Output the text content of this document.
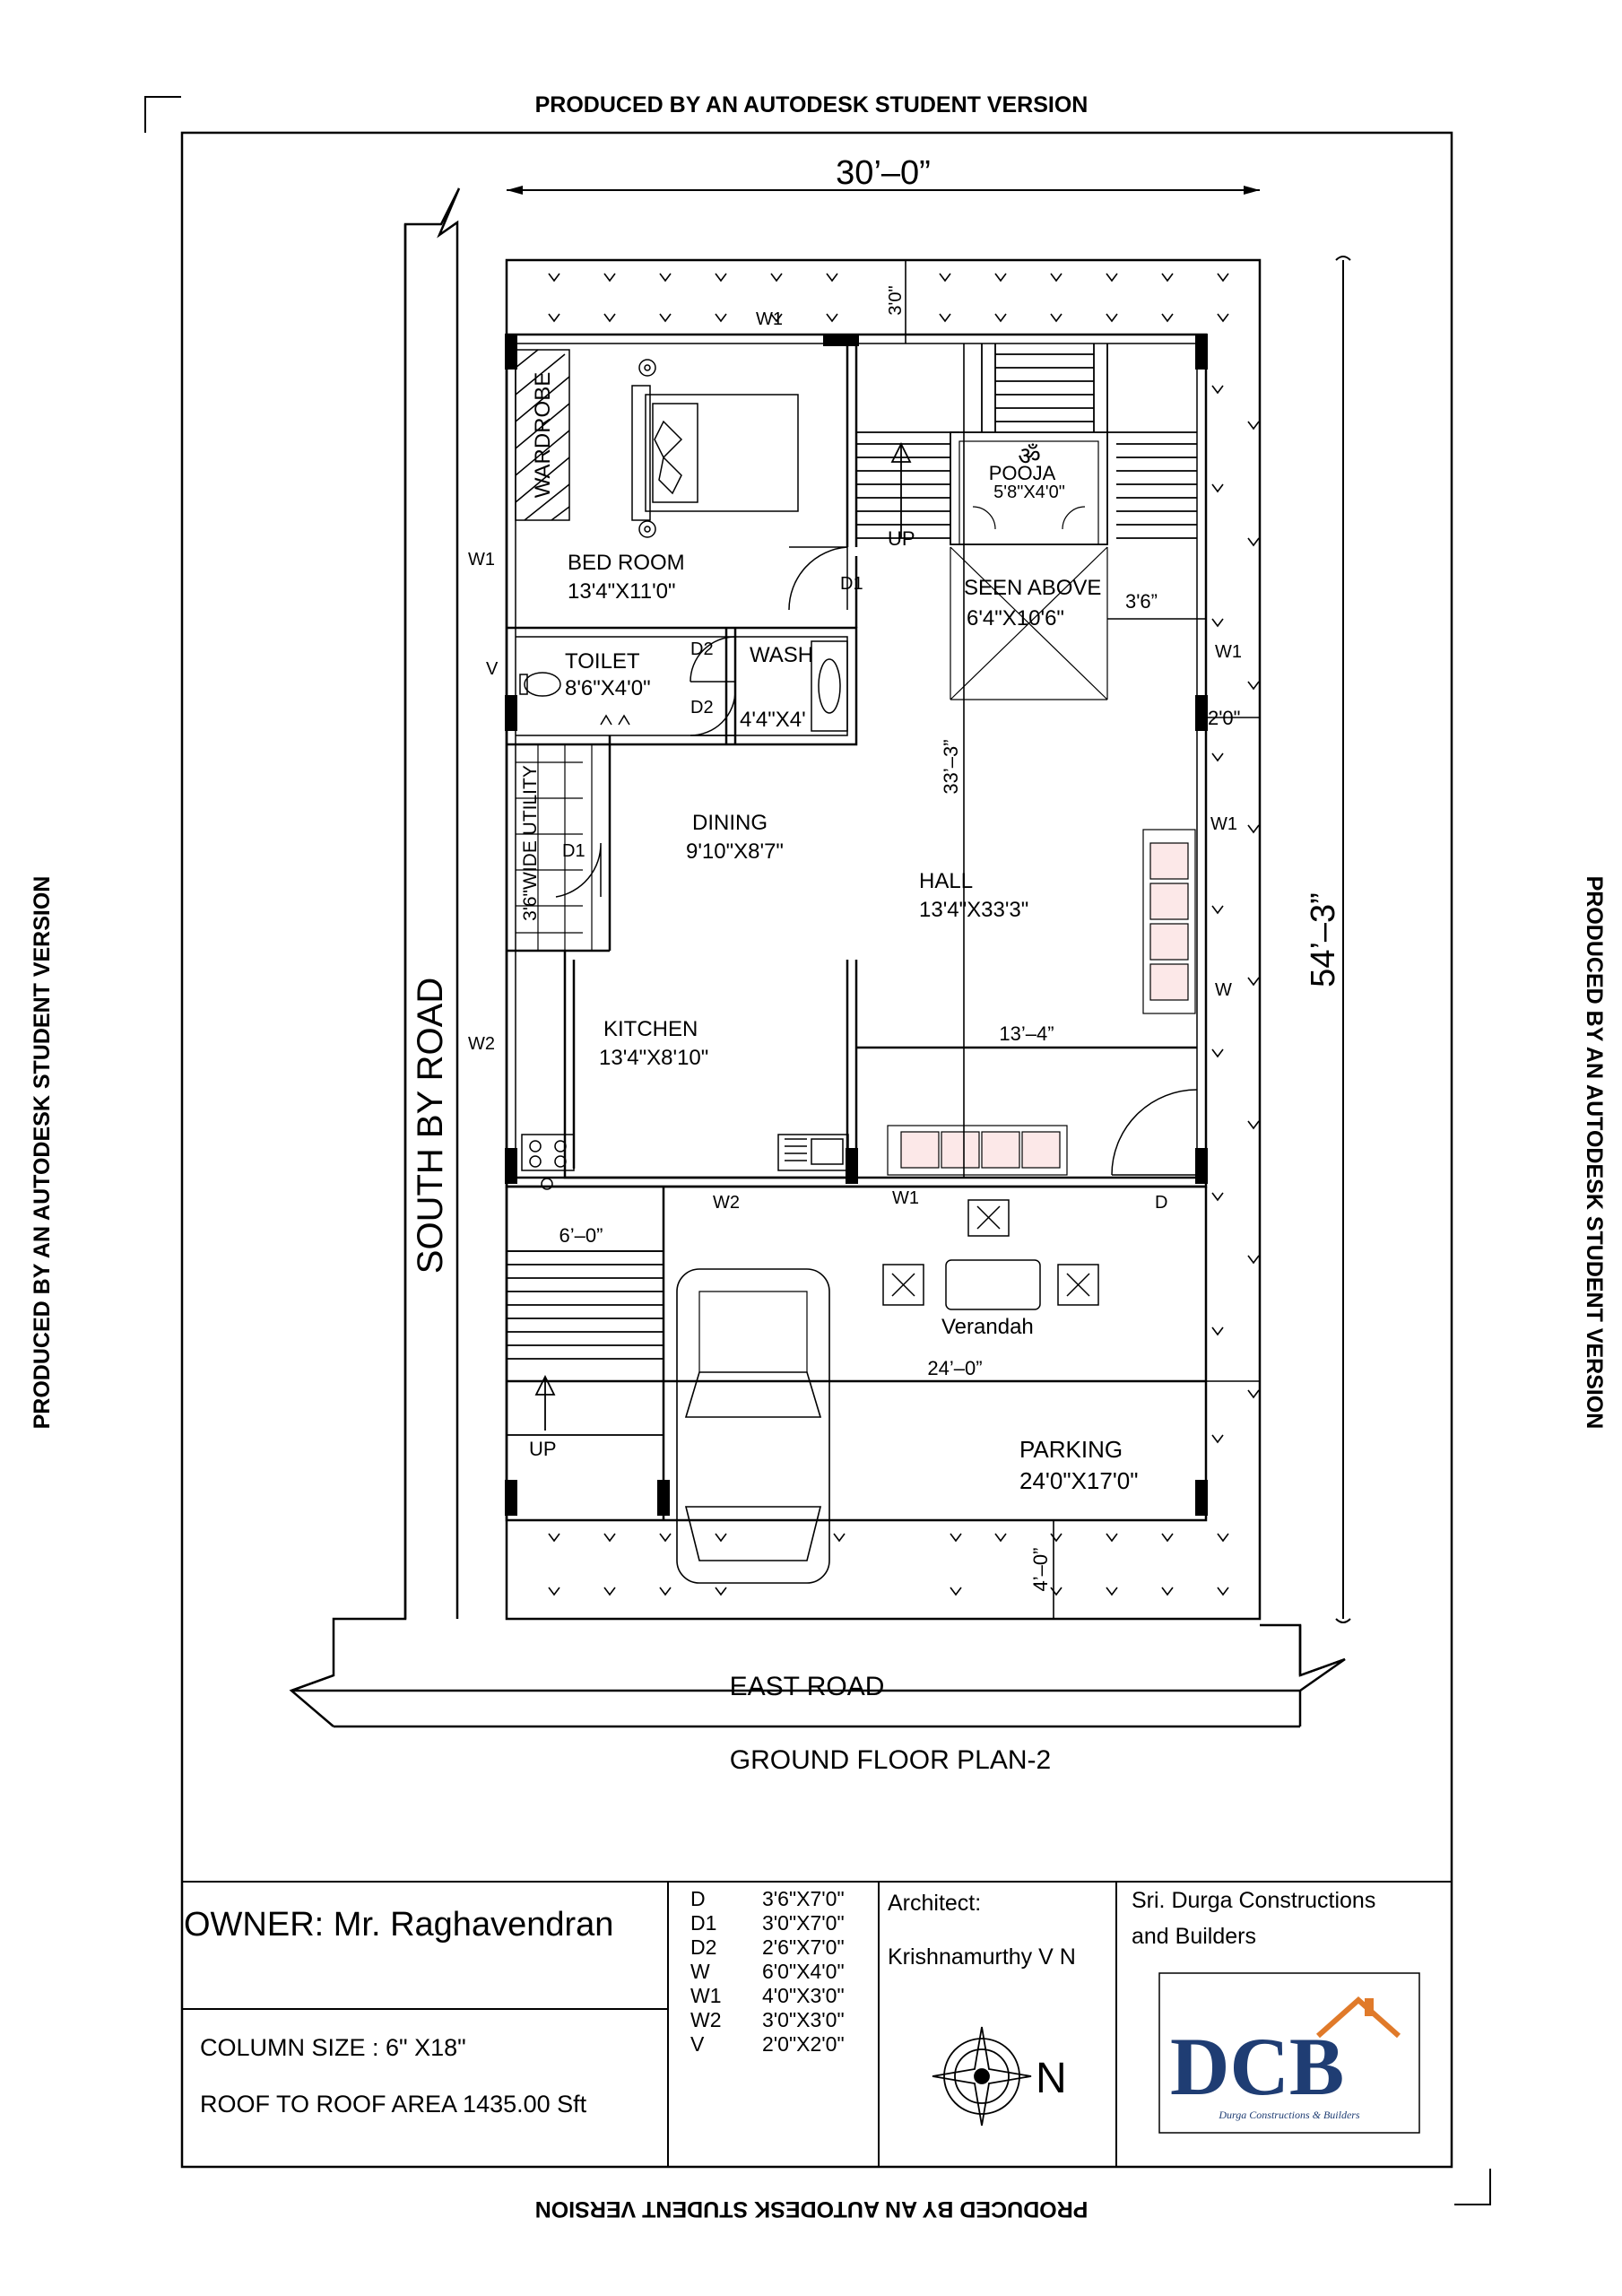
PRODUCED BY AN AUTODESK STUDENT VERSION
PRODUCED BY AN AUTODESK STUDENT VERSION
PRODUCED BY AN AUTODESK STUDENT VERSION	PRODUCED BY AN AUTODESK STUDENT VERSION
30’–0”
54’–3”
SOUTH BY ROAD
EAST ROAD
GROUND FLOOR PLAN-2
WARDROBE
BED ROOM
13'4"X11'0"
TOILET
8'6"X4'0"
WASH
4'4"X4'
ॐ
POOJA
5'8"X4'0"
SEEN ABOVE
6'4"X10'6"
3'6"WIDE UTILITY	DINING
9'10"X8'7"
HALL
13'4"X33'3"
KITCHEN
13'4"X8'10"
Verandah
PARKING
24'0"X17'0"
W1
W1
V
D1
D2
D2
UP
W1
W1
W
D1
W2
W2	W1	D
UP
3'0"
3'6”
2'0"
33’–3”
13’–4”
24’–0”
6’–0”
4’–0”
OWNER: Mr. Raghavendran
COLUMN SIZE : 6" X18"
ROOF TO ROOF AREA 1435.00 Sft
D	3'6"X7'0"
D1 3'0"X7'0"
D2 2'6"X7'0"
W	6'0"X4'0"
W1 4'0"X3'0"
W2 3'0"X3'0"
V	2'0"X2'0"
Architect:
Krishnamurthy V N
N
Sri. Durga Constructions
and Builders
DCB
Durga Constructions & Builders
